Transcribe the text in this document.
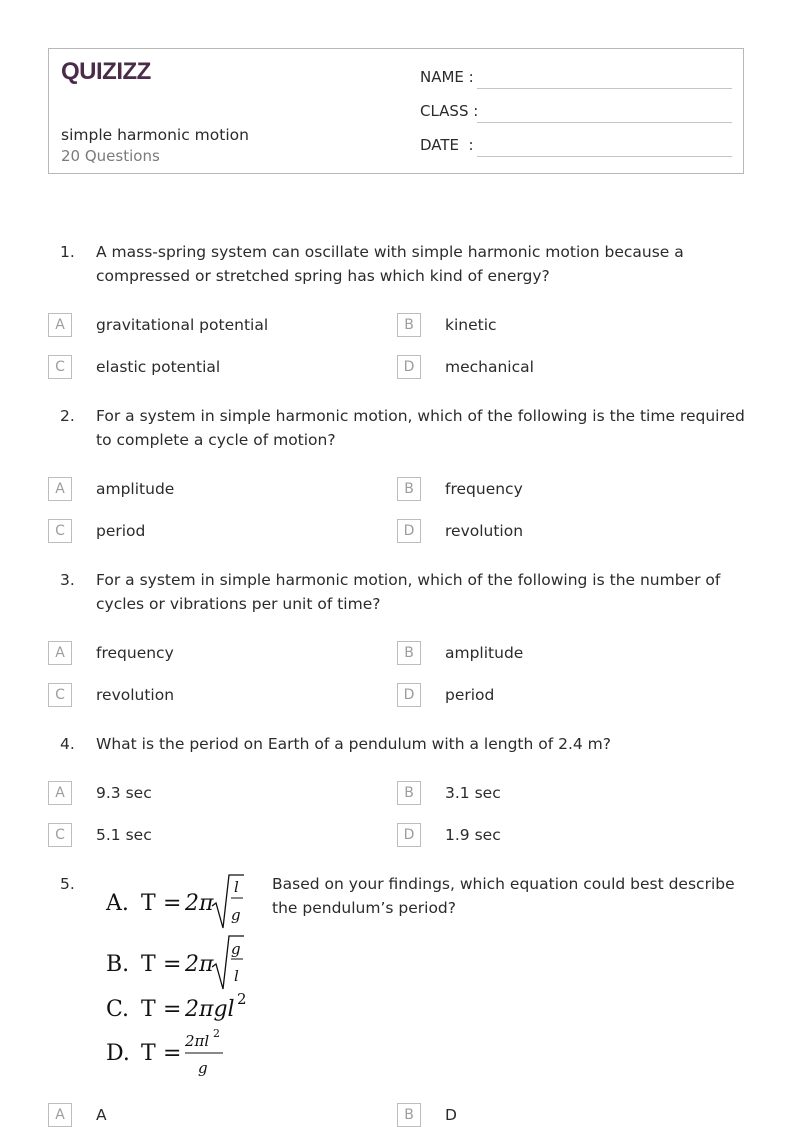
QUIZIZZ
simple harmonic motion
20 Questions
NAME :
CLASS :
DATE  :
1. A mass-spring system can oscillate with simple harmonic motion because a compressed or stretched spring has which kind of energy?
A	gravitational potential	B	kinetic
C	elastic potential	D	mechanical
2. For a system in simple harmonic motion, which of the following is the time required to complete a cycle of motion?
A	amplitude	B	frequency
C	period	D	revolution
3. For a system in simple harmonic motion, which of the following is the number of cycles or vibrations per unit of time?
A	frequency	B	amplitude
C	revolution	D	period
4. What is the period on Earth of a pendulum with a length of 2.4 m?
A	9.3 sec	B	3.1 sec
C	5.1 sec	D	1.9 sec
5.	Based on your findings, which equation could best describe the pendulum’s period?
A. T = 2π
l
g
B. T = 2π
g
l
C. T = 2πgl 2
D. T = 2πl 2
g
A	A	B	D
